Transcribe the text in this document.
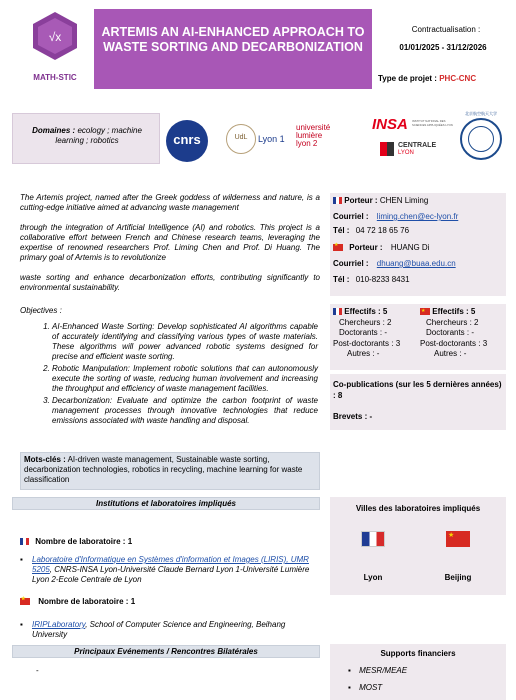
√x
MATH-STIC
ARTEMIS AN AI-ENHANCED APPROACH TO WASTE SORTING AND DECARBONIZATION
Contractualisation :
01/01/2025 - 31/12/2026
Type de projet : PHC-CNC
Domaines : ecology ; machine learning ; robotics	cnrs	UdL	Lyon 1
université
lumière
lyon 2
INSA INSTITUT NATIONAL DES SCIENCES APPLIQUÉES LYON
CENTRALE
LYON
北京航空航天大学
The Artemis project, named after the Greek goddess of wilderness and nature, is a cutting-edge initiative aimed at advancing waste management
through the integration of Artificial Intelligence (AI) and robotics. This project is a collaborative effort between French and Chinese research teams, leveraging the expertise of renowned researchers Prof. Liming Chen and Prof. Di Huang. The primary goal of Artemis is to revolutionize
waste sorting and enhance decarbonization efforts, contributing significantly to environmental sustainability.
Objectives :
1. AI-Enhanced Waste Sorting: Develop sophisticated AI algorithms capable of accurately identifying and classifying various types of waste materials. These algorithms will power advanced robotic systems designed for precise and efficient waste sorting.
2. Robotic Manipulation: Implement robotic solutions that can autonomously execute the sorting of waste, reducing human involvement and increasing the throughput and efficiency of waste management facilities.
3. Decarbonization: Evaluate and optimize the carbon footprint of waste management processes through innovative technologies that reduce emissions associated with waste handling and disposal.
Mots-clés : AI-driven waste management, Sustainable waste sorting, decarbonization technologies, robotics in recycling, machine learning for waste classification
Porteur : CHEN Liming
Courriel : liming.chen@ec-lyon.fr
Tél : 04 72 18 65 76
★ Porteur : HUANG Di
Courriel : dhuang@buaa.edu.cn
Tél : 010-8233 8431
Effectifs : 5
Chercheurs : 2
Doctorants : -
Post-doctorants : 3
Autres : -
★ Effectifs : 5
Chercheurs : 2
Doctorants : -
Post-doctorants : 3
Autres : -
Co-publications (sur les 5 dernières années) : 8
Brevets : -
Institutions et laboratoires impliqués
Nombre de laboratoire : 1
▪	Laboratoire d'Informatique en Systèmes d'information et Images (LIRIS), UMR 5205, CNRS-INSA Lyon-Université Claude Bernard Lyon 1-Université Lumière Lyon 2-Ecole Centrale de Lyon
★ Nombre de laboratoire : 1
▪	IRIPLaboratory, School of Computer Science and Engineering, Beihang University
Villes des laboratoires impliqués
★
Lyon	Beijing
Principaux Evénements / Rencontres Bilatérales
-
Supports financiers
▪ MESR/MEAE
▪ MOST
